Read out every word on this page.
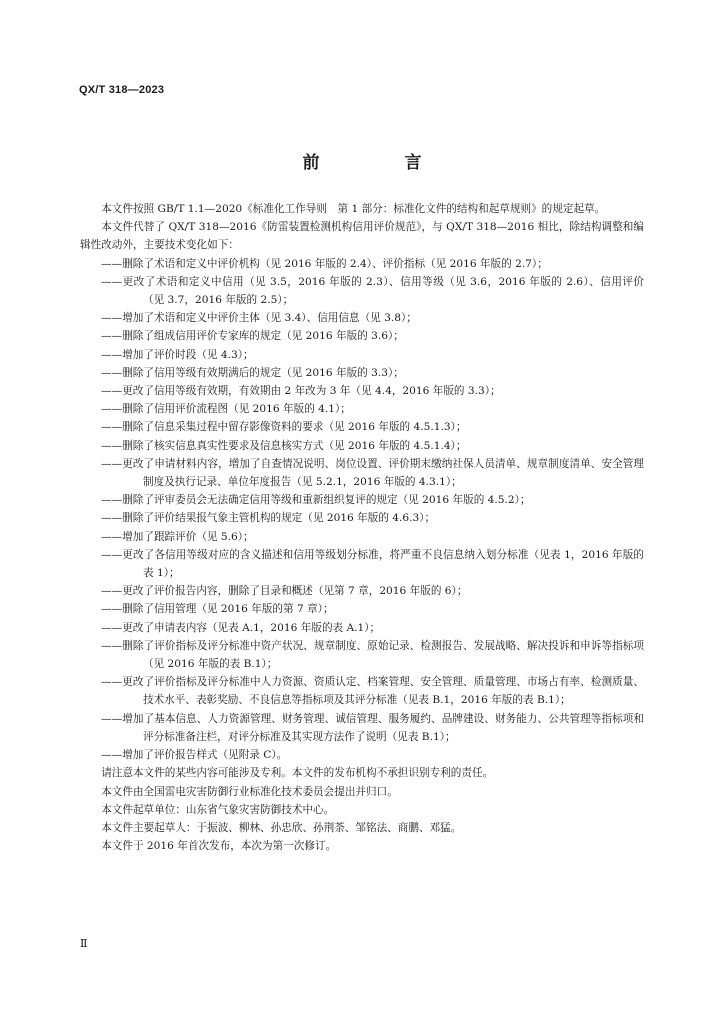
QX/T 318—2023
前　言

本文件按照 GB/T 1.1—2020《标准化工作导则　第 1 部分：标准化文件的结构和起草规则》的规定起草。

本文件代替了 QX/T 318—2016《防雷装置检测机构信用评价规范》，与 QX/T 318—2016 相比，除结构调整和编辑性改动外，主要技术变化如下：

——删除了术语和定义中评价机构（见 2016 年版的 2.4）、评价指标（见 2016 年版的 2.7）；

——更改了术语和定义中信用（见 3.5，2016 年版的 2.3）、信用等级（见 3.6，2016 年版的 2.6）、信用评价（见 3.7，2016 年版的 2.5）；

——增加了术语和定义中评价主体（见 3.4）、信用信息（见 3.8）；

——删除了组成信用评价专家库的规定（见 2016 年版的 3.6）；

——增加了评价时段（见 4.3）；

——删除了信用等级有效期满后的规定（见 2016 年版的 3.3）；

——更改了信用等级有效期，有效期由 2 年改为 3 年（见 4.4，2016 年版的 3.3）；

——删除了信用评价流程图（见 2016 年版的 4.1）；

——删除了信息采集过程中留存影像资料的要求（见 2016 年版的 4.5.1.3）；

——删除了核实信息真实性要求及信息核实方式（见 2016 年版的 4.5.1.4）；

——更改了申请材料内容，增加了自查情况说明、岗位设置、评价期末缴纳社保人员清单、规章制度清单、安全管理制度及执行记录、单位年度报告（见 5.2.1，2016 年版的 4.3.1）；

——删除了评审委员会无法确定信用等级和重新组织复评的规定（见 2016 年版的 4.5.2）；

——删除了评价结果报气象主管机构的规定（见 2016 年版的 4.6.3）；

——增加了跟踪评价（见 5.6）；

——更改了各信用等级对应的含义描述和信用等级划分标准，将严重不良信息纳入划分标准（见表 1，2016 年版的表 1）；

——更改了评价报告内容，删除了目录和概述（见第 7 章，2016 年版的 6）；

——删除了信用管理（见 2016 年版的第 7 章）；

——更改了申请表内容（见表 A.1，2016 年版的表 A.1）；

——删除了评价指标及评分标准中资产状况、规章制度、原始记录、检测报告、发展战略、解决投诉和申诉等指标项（见 2016 年版的表 B.1）；

——更改了评价指标及评分标准中人力资源、资质认定、档案管理、安全管理、质量管理、市场占有率、检测质量、技术水平、表彰奖励、不良信息等指标项及其评分标准（见表 B.1，2016 年版的表 B.1）；

——增加了基本信息、人力资源管理、财务管理、诚信管理、服务履约、品牌建设、财务能力、公共管理等指标项和评分标准备注栏，对评分标准及其实现方法作了说明（见表 B.1）；

——增加了评价报告样式（见附录 C）。

请注意本文件的某些内容可能涉及专利。本文件的发布机构不承担识别专利的责任。

本文件由全国雷电灾害防御行业标准化技术委员会提出并归口。

本文件起草单位：山东省气象灾害防御技术中心。

本文件主要起草人：于振波、柳林、孙忠欣、孙荆荼、邹铭法、商鹏、邓猛。

本文件于 2016 年首次发布，本次为第一次修订。

Ⅱ
